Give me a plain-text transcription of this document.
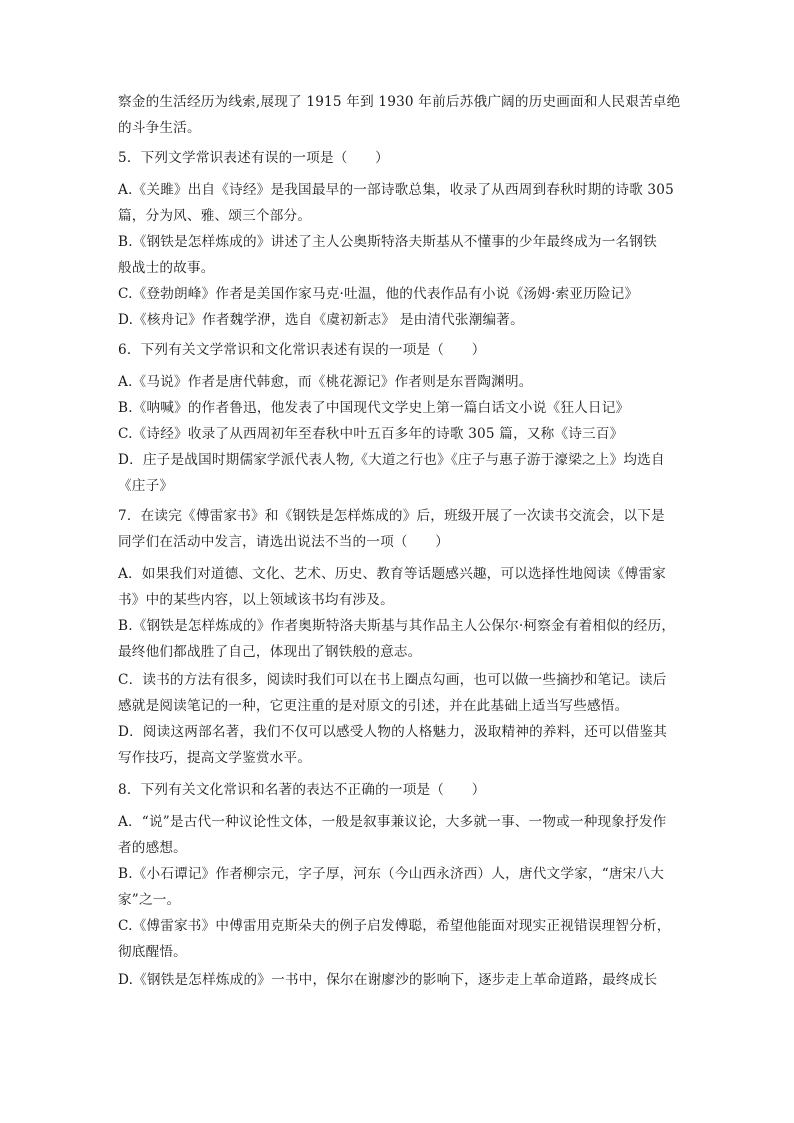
察金的生活经历为线索,展现了 1915 年到 1930 年前后苏俄广阔的历史画面和人民艰苦卓绝
的斗争生活。
5．下列文学常识表述有误的一项是（　　）
A.《关雎》出自《诗经》是我国最早的一部诗歌总集，收录了从西周到春秋时期的诗歌 305
篇，分为风、雅、颂三个部分。
B.《钢铁是怎样炼成的》讲述了主人公奥斯特洛夫斯基从不懂事的少年最终成为一名钢铁
般战士的故事。
C.《登勃朗峰》作者是美国作家马克·吐温，他的代表作品有小说《汤姆·索亚历险记》
D.《核舟记》作者魏学洢，选自《虞初新志》 是由清代张潮编著。
6．下列有关文学常识和文化常识表述有误的一项是（　　）
A.《马说》作者是唐代韩愈，而《桃花源记》作者则是东晋陶渊明。
B.《呐喊》的作者鲁迅，他发表了中国现代文学史上第一篇白话文小说《狂人日记》
C.《诗经》收录了从西周初年至春秋中叶五百多年的诗歌 305 篇，又称《诗三百》
D．庄子是战国时期儒家学派代表人物,《大道之行也》《庄子与惠子游于濠梁之上》均选自
《庄子》
7．在读完《傅雷家书》和《钢铁是怎样炼成的》后，班级开展了一次读书交流会，以下是
同学们在活动中发言，请选出说法不当的一项（　　）
A．如果我们对道德、文化、艺术、历史、教育等话题感兴趣，可以选择性地阅读《傅雷家
书》中的某些内容，以上领域该书均有涉及。
B.《钢铁是怎样炼成的》作者奥斯特洛夫斯基与其作品主人公保尔·柯察金有着相似的经历，
最终他们都战胜了自己，体现出了钢铁般的意志。
C．读书的方法有很多，阅读时我们可以在书上圈点勾画，也可以做一些摘抄和笔记。读后
感就是阅读笔记的一种，它更注重的是对原文的引述，并在此基础上适当写些感悟。
D．阅读这两部名著，我们不仅可以感受人物的人格魅力，汲取精神的养料，还可以借鉴其
写作技巧，提高文学鉴赏水平。
8．下列有关文化常识和名著的表达不正确的一项是（　　）
A．“说”是古代一种议论性文体，一般是叙事兼议论，大多就一事、一物或一种现象抒发作
者的感想。
B.《小石谭记》作者柳宗元，字子厚，河东（今山西永济西）人，唐代文学家，“唐宋八大
家”之一。
C.《傅雷家书》中傅雷用克斯朵夫的例子启发傅聪，希望他能面对现实正视错误理智分析，
彻底醒悟。
D.《钢铁是怎样炼成的》一书中，保尔在谢廖沙的影响下，逐步走上革命道路，最终成长
